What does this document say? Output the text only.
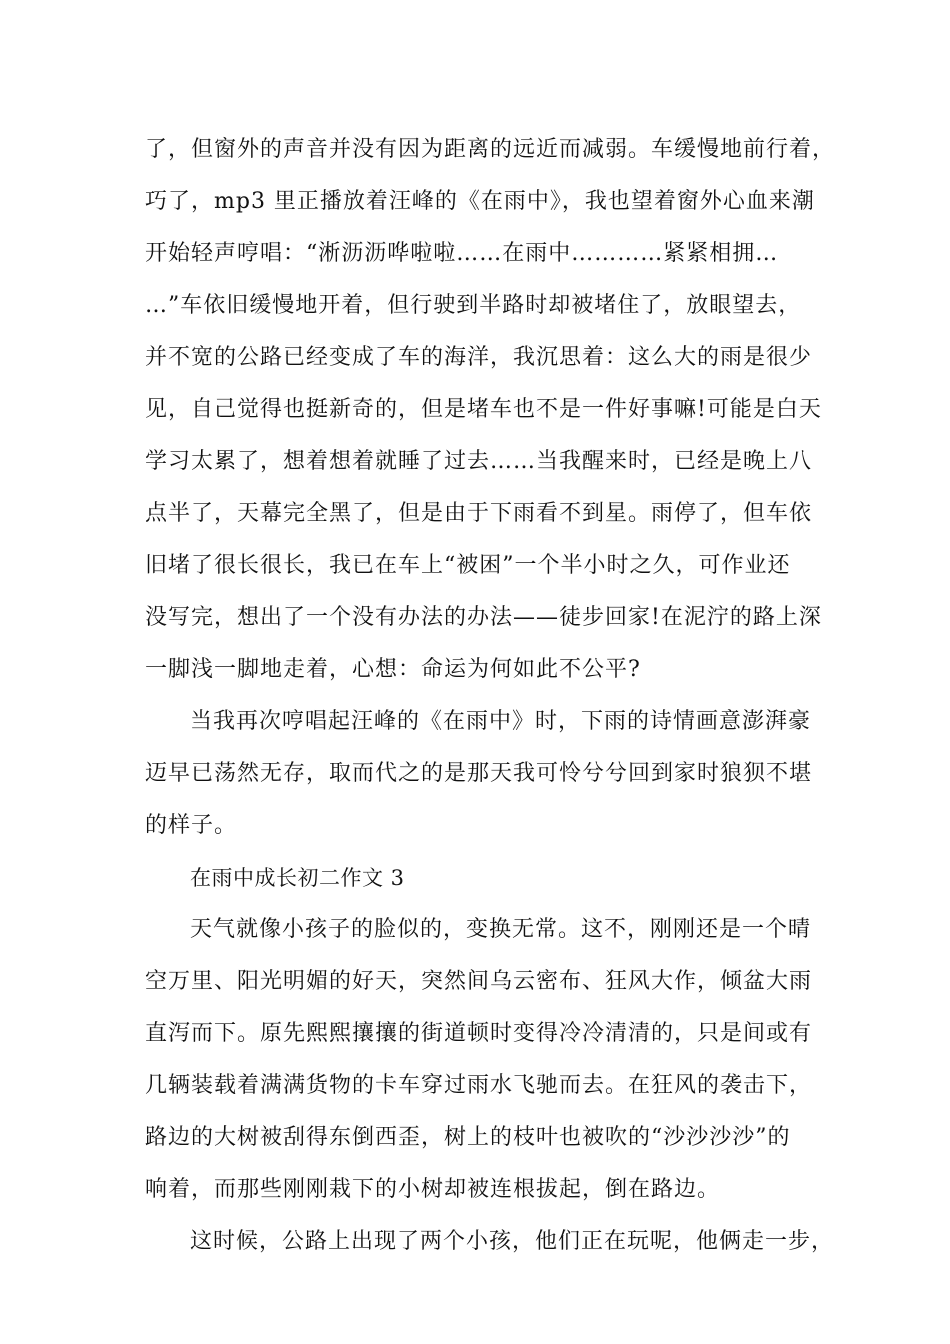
了，但窗外的声音并没有因为距离的远近而减弱。车缓慢地前行着，
巧了，mp3 里正播放着汪峰的《在雨中》，我也望着窗外心血来潮
开始轻声哼唱：“淅沥沥哗啦啦……在雨中…………紧紧相拥…
…”车依旧缓慢地开着，但行驶到半路时却被堵住了，放眼望去，
并不宽的公路已经变成了车的海洋，我沉思着：这么大的雨是很少
见，自己觉得也挺新奇的，但是堵车也不是一件好事嘛!可能是白天
学习太累了，想着想着就睡了过去……当我醒来时，已经是晚上八
点半了，天幕完全黑了，但是由于下雨看不到星。雨停了，但车依
旧堵了很长很长，我已在车上“被困”一个半小时之久，可作业还
没写完，想出了一个没有办法的办法——徒步回家!在泥泞的路上深
一脚浅一脚地走着，心想：命运为何如此不公平?
当我再次哼唱起汪峰的《在雨中》时，下雨的诗情画意澎湃豪
迈早已荡然无存，取而代之的是那天我可怜兮兮回到家时狼狈不堪
的样子。
在雨中成长初二作文 3
天气就像小孩子的脸似的，变换无常。这不，刚刚还是一个晴
空万里、阳光明媚的好天，突然间乌云密布、狂风大作，倾盆大雨
直泻而下。原先熙熙攘攘的街道顿时变得冷冷清清的，只是间或有
几辆装载着满满货物的卡车穿过雨水飞驰而去。在狂风的袭击下，
路边的大树被刮得东倒西歪，树上的枝叶也被吹的“沙沙沙沙”的
响着，而那些刚刚栽下的小树却被连根拔起，倒在路边。
这时候，公路上出现了两个小孩，他们正在玩呢，他俩走一步，
